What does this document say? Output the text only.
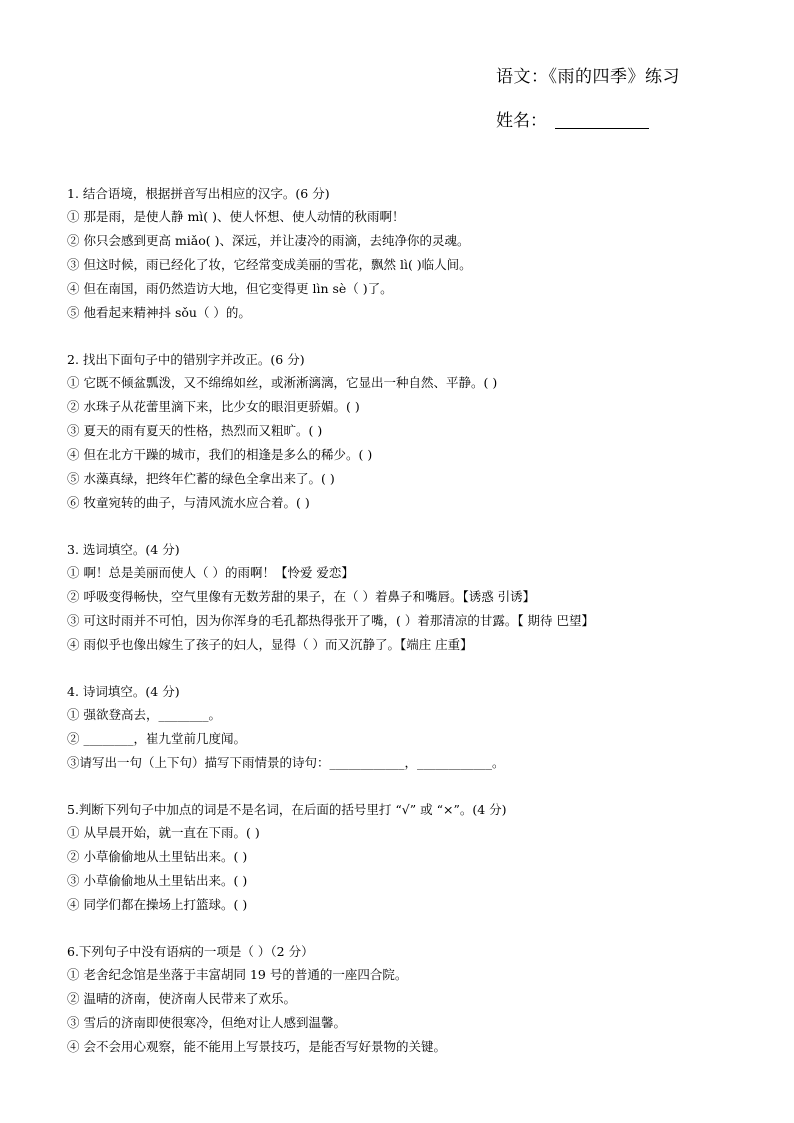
语文：《雨的四季》练习
姓名：
1. 结合语境，根据拼音写出相应的汉字。(6 分)
① 那是雨，是使人静 mì( )、使人怀想、使人动情的秋雨啊！
② 你只会感到更高 miǎo( )、深远，并让凄冷的雨滴，去纯净你的灵魂。
③ 但这时候，雨已经化了妆，它经常变成美丽的雪花，飘然 lì( )临人间。
④ 但在南国，雨仍然造访大地，但它变得更 lìn sè（ )了。
⑤ 他看起来精神抖 sǒu（ ）的。
2. 找出下面句子中的错别字并改正。(6 分)
① 它既不倾盆瓢泼，又不绵绵如丝，或淅淅漓漓，它显出一种自然、平静。( )
② 水珠子从花蕾里滴下来，比少女的眼泪更骄媚。( )
③ 夏天的雨有夏天的性格，热烈而又粗旷。( )
④ 但在北方干躁的城市，我们的相逢是多么的稀少。( )
⑤ 水藻真绿，把终年伫蓄的绿色全拿出来了。( )
⑥ 牧童宛转的曲子，与清风流水应合着。( )
3. 选词填空。(4 分)
① 啊！总是美丽而使人（ ）的雨啊！【怜爱 爱恋】
② 呼吸变得畅快，空气里像有无数芳甜的果子，在（ ）着鼻子和嘴唇。【诱惑 引诱】
③ 可这时雨并不可怕，因为你浑身的毛孔都热得张开了嘴，( ）着那清凉的甘露。【 期待 巴望】
④ 雨似乎也像出嫁生了孩子的妇人，显得（ ）而又沉静了。【端庄 庄重】
4. 诗词填空。(4 分)
① 强欲登高去，________。
② ________，崔九堂前几度闻。
③请写出一句（上下句）描写下雨情景的诗句：____________，____________。
5.判断下列句子中加点的词是不是名词，在后面的括号里打 “√” 或 “×”。(4 分)
① 从早晨开始，就一直在下雨。( )
② 小草偷偷地从土里钻出来。( )
③ 小草偷偷地从土里钻出来。( )
④ 同学们都在操场上打篮球。( )
6.下列句子中没有语病的一项是（ ）（2 分）
① 老舍纪念馆是坐落于丰富胡同 19 号的普通的一座四合院。
② 温晴的济南，使济南人民带来了欢乐。
③ 雪后的济南即使很寒冷，但绝对让人感到温馨。
④ 会不会用心观察，能不能用上写景技巧，是能否写好景物的关键。
